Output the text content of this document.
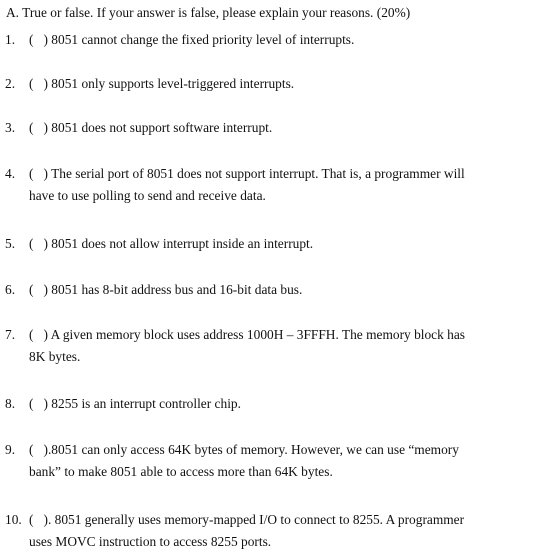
A. True or false. If your answer is false, please explain your reasons. (20%)
1. (   ) 8051 cannot change the fixed priority level of interrupts.
2. (   ) 8051 only supports level-triggered interrupts.
3. (   ) 8051 does not support software interrupt.
4. (   ) The serial port of 8051 does not support interrupt. That is, a programmer will
have to use polling to send and receive data.
5. (   ) 8051 does not allow interrupt inside an interrupt.
6. (   ) 8051 has 8-bit address bus and 16-bit data bus.
7. (   ) A given memory block uses address 1000H – 3FFFH. The memory block has
8K bytes.
8. (   ) 8255 is an interrupt controller chip.
9. (   ).8051 can only access 64K bytes of memory. However, we can use “memory
bank” to make 8051 able to access more than 64K bytes.
10. (   ). 8051 generally uses memory-mapped I/O to connect to 8255. A programmer
uses MOVC instruction to access 8255 ports.
